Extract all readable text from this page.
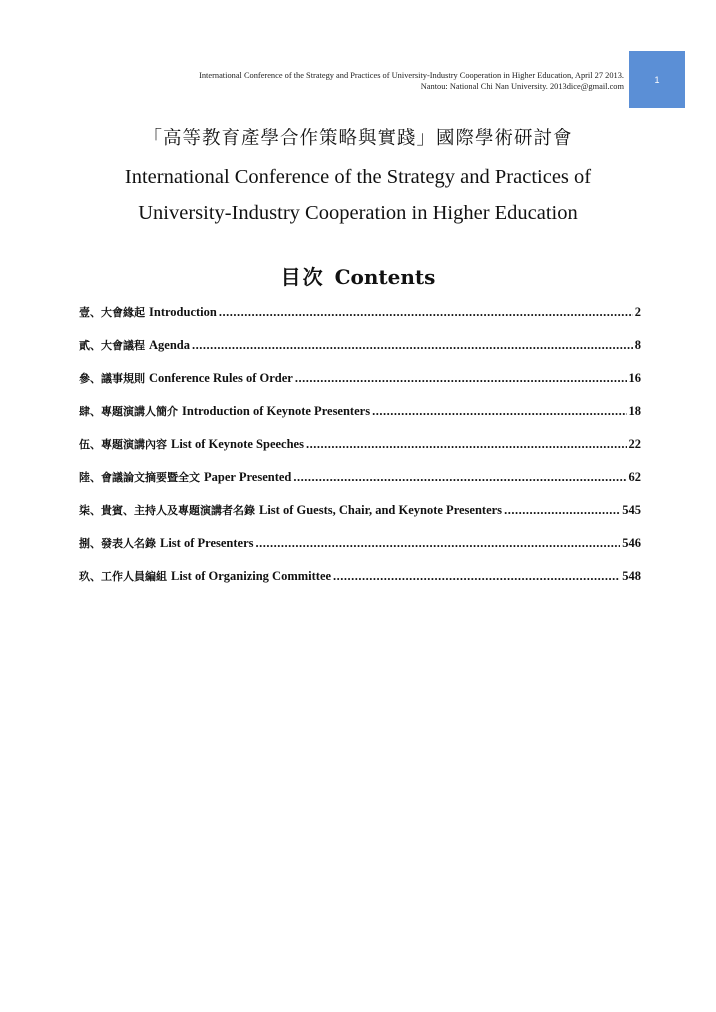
International Conference of the Strategy and Practices of University-Industry Cooperation in Higher Education, April 27 2013.
Nantou: National Chi Nan University. 2013dice@gmail.com
1
「高等教育產學合作策略與實踐」國際學術研討會
International Conference of the Strategy and Practices of
University-Industry Cooperation in Higher Education
目次 Contents
壹、大會緣起 Introduction .....	2
貳、大會議程 Agenda .....	8
參、議事規則 Conference Rules of Order .....	16
肆、專題演講人簡介 Introduction of Keynote Presenters .....	18
伍、專題演講內容 List of Keynote Speeches .....	22
陸、會議論文摘要暨全文 Paper Presented .....	62
柒、貴賓、主持人及專題演講者名錄 List of Guests, Chair, and Keynote Presenters .....	545
捌、發表人名錄 List of Presenters .....	546
玖、工作人員編組 List of Organizing Committee .....	548
